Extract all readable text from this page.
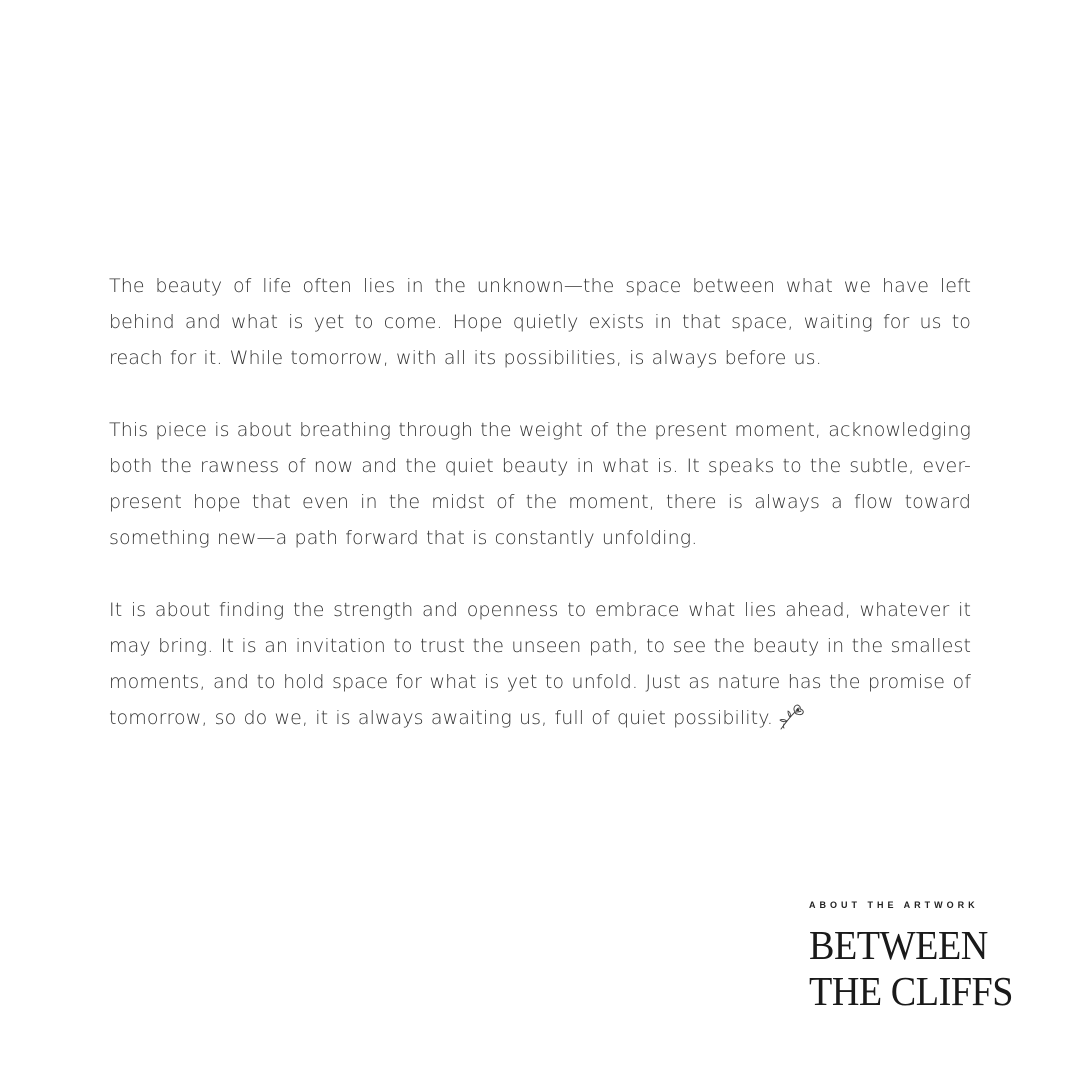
The beauty of life often lies in the unknown—the space between what we have left behind and what is yet to come. Hope quietly exists in that space, waiting for us to reach for it. While tomorrow, with all its possibilities, is always before us.

This piece is about breathing through the weight of the present moment, acknowledging both the rawness of now and the quiet beauty in what is. It speaks to the subtle, ever-present hope that even in the midst of the moment, there is always a flow toward something new—a path forward that is constantly unfolding.

It is about finding the strength and openness to embrace what lies ahead, whatever it may bring. It is an invitation to trust the unseen path, to see the beauty in the smallest moments, and to hold space for what is yet to unfold. Just as nature has the promise of tomorrow, so do we, it is always awaiting us, full of quiet possibility.

ABOUT THE ARTWORK
BETWEEN
THE CLIFFS
